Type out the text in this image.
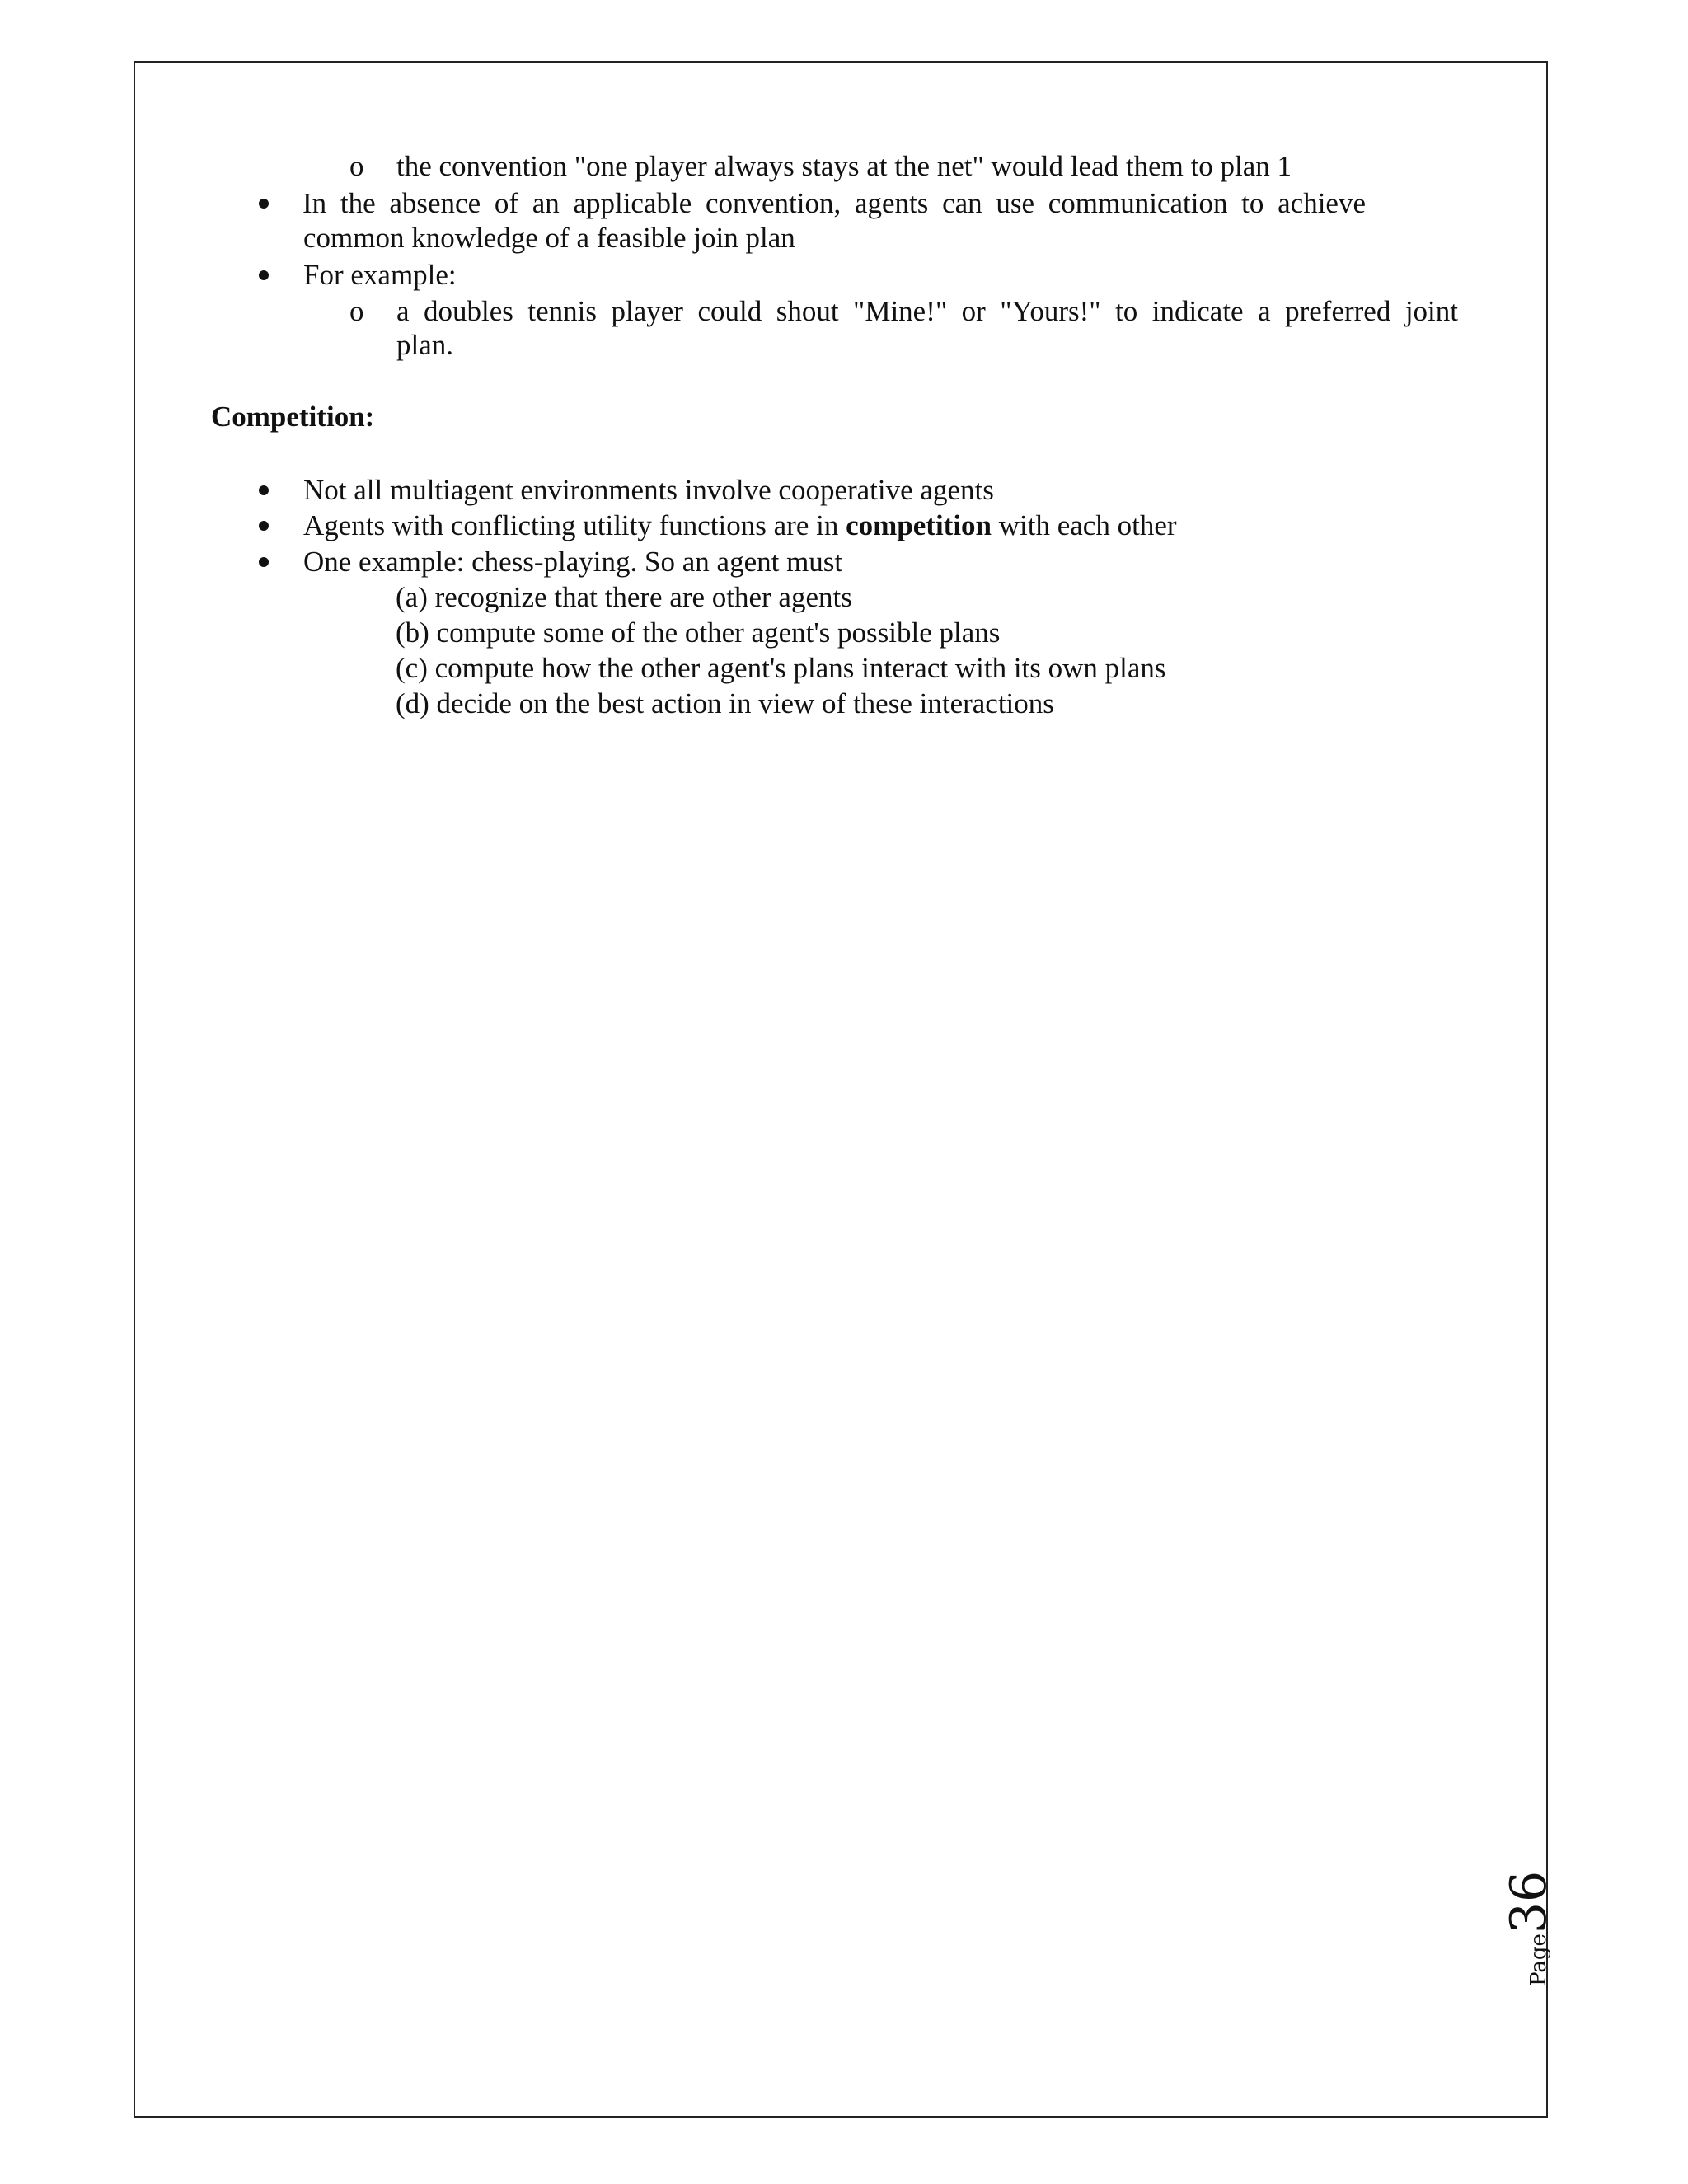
o the convention "one player always stays at the net" would lead them to plan 1
In the absence of an applicable convention, agents can use communication to achieve
common knowledge of a feasible join plan
For example:
o a doubles tennis player could shout "Mine!" or "Yours!" to indicate a preferred joint
plan.
Competition:
Not all multiagent environments involve cooperative agents
Agents with conflicting utility functions are in competition with each other
One example: chess-playing. So an agent must
(a) recognize that there are other agents
(b) compute some of the other agent's possible plans
(c) compute how the other agent's plans interact with its own plans
(d) decide on the best action in view of these interactions
Page36
